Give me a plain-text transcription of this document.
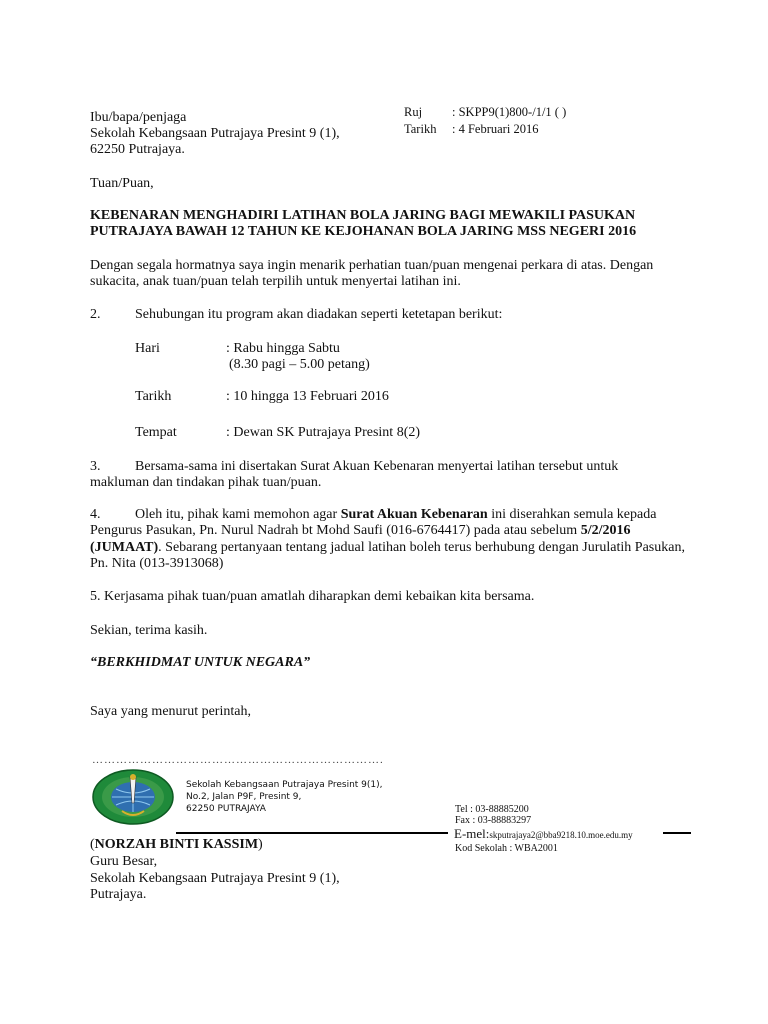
Ibu/bapa/penjaga
Sekolah Kebangsaan Putrajaya Presint 9 (1),
62250 Putrajaya.
Ruj : SKPP9(1)800-/1/1 ( )
Tarikh : 4 Februari 2016
Tuan/Puan,
KEBENARAN MENGHADIRI LATIHAN BOLA JARING BAGI MEWAKILI PASUKAN
PUTRAJAYA BAWAH 12 TAHUN KE KEJOHANAN BOLA JARING MSS NEGERI 2016
Dengan segala hormatnya saya ingin menarik perhatian tuan/puan mengenai perkara di atas. Dengan
sukacita, anak tuan/puan telah terpilih untuk menyertai latihan ini.
2. Sehubungan itu program akan diadakan seperti ketetapan berikut:
Hari	: Rabu hingga Sabtu
(8.30 pagi – 5.00 petang)
Tarikh	: 10 hingga 13 Februari 2016
Tempat	: Dewan SK Putrajaya Presint 8(2)
3. Bersama-sama ini disertakan Surat Akuan Kebenaran menyertai latihan tersebut untuk
makluman dan tindakan pihak tuan/puan.
4. Oleh itu, pihak kami memohon agar Surat Akuan Kebenaran ini diserahkan semula kepada
Pengurus Pasukan, Pn. Nurul Nadrah bt Mohd Saufi (016-6764417) pada atau sebelum 5/2/2016
(JUMAAT). Sebarang pertanyaan tentang jadual latihan boleh terus berhubung dengan Jurulatih Pasukan,
Pn. Nita (013-3913068)
5. Kerjasama pihak tuan/puan amatlah diharapkan demi kebaikan kita bersama.
Sekian, terima kasih.
“BERKHIDMAT UNTUK NEGARA”
Saya yang menurut perintah,
……………………………………………………………….
Sekolah Kebangsaan Putrajaya Presint 9(1),
No.2, Jalan P9F, Presint 9,
62250 PUTRAJAYA	Tel : 03-88885200
Fax : 03-88883297
E-mel:skputrajaya2@bba9218.10.moe.edu.my
Kod Sekolah : WBA2001
(NORZAH BINTI KASSIM)
Guru Besar,
Sekolah Kebangsaan Putrajaya Presint 9 (1),
Putrajaya.
